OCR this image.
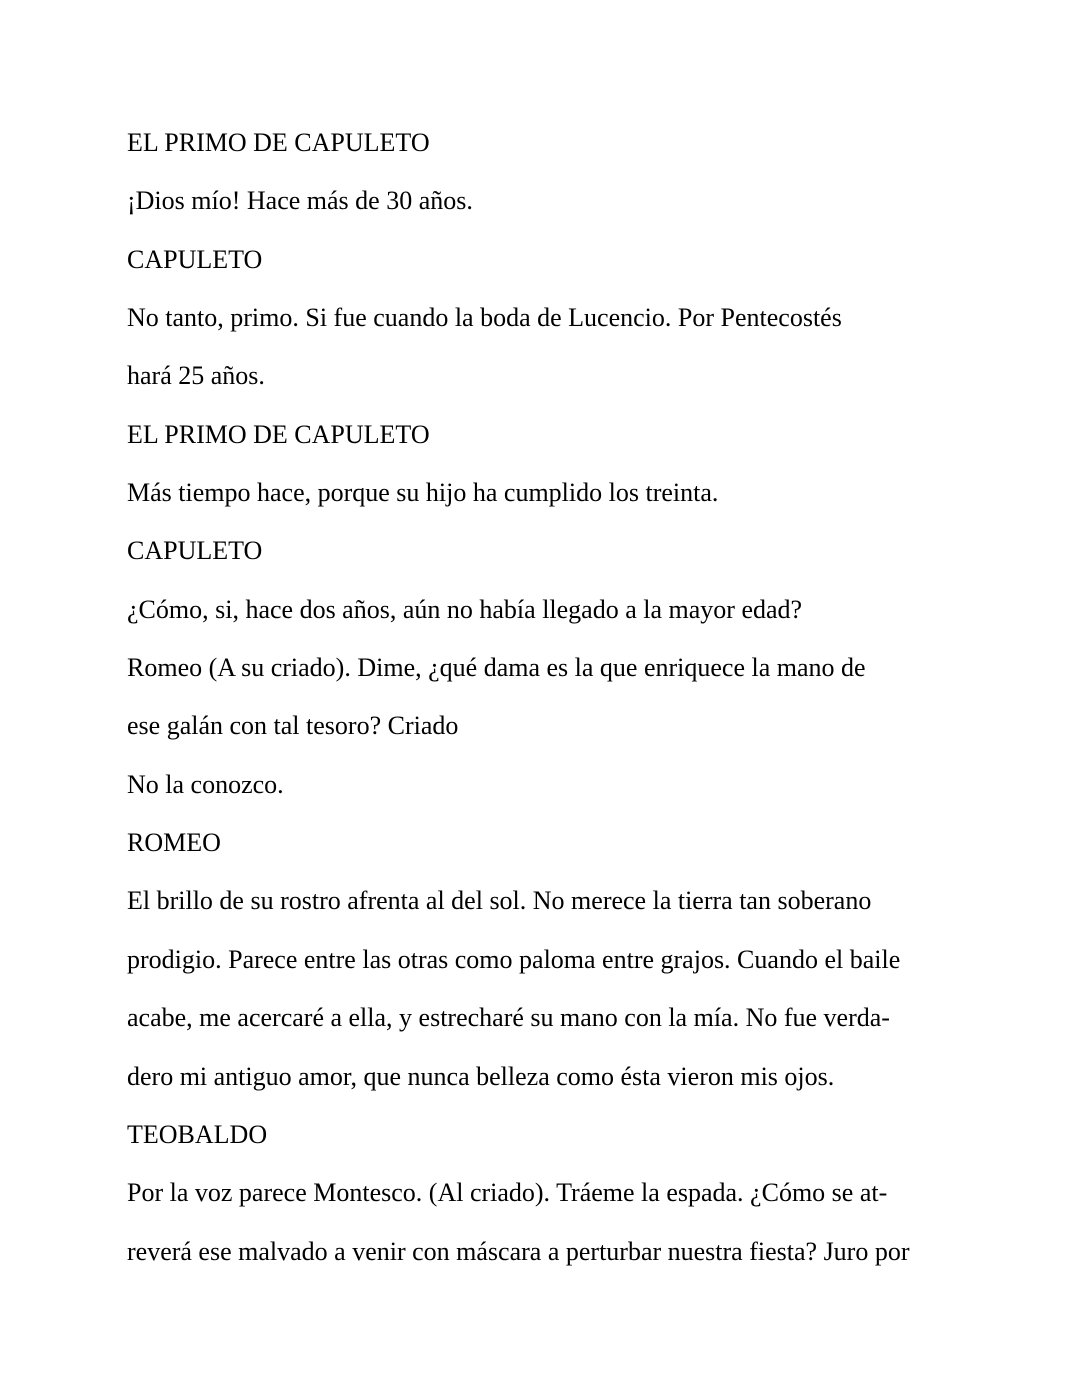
EL PRIMO DE CAPULETO
¡Dios mío! Hace más de 30 años.
CAPULETO
No tanto, primo. Si fue cuando la boda de Lucencio. Por Pentecostés
hará 25 años.
EL PRIMO DE CAPULETO
Más tiempo hace, porque su hijo ha cumplido los treinta.
CAPULETO
¿Cómo, si, hace dos años, aún no había llegado a la mayor edad?
Romeo (A su criado). Dime, ¿qué dama es la que enriquece la mano de
ese galán con tal tesoro? Criado
No la conozco.
ROMEO
El brillo de su rostro afrenta al del sol. No merece la tierra tan soberano
prodigio. Parece entre las otras como paloma entre grajos. Cuando el baile
acabe, me acercaré a ella, y estrecharé su mano con la mía. No fue verda-
dero mi antiguo amor, que nunca belleza como ésta vieron mis ojos.
TEOBALDO
Por la voz parece Montesco. (Al criado). Tráeme la espada. ¿Cómo se at-
reverá ese malvado a venir con máscara a perturbar nuestra fiesta? Juro por
